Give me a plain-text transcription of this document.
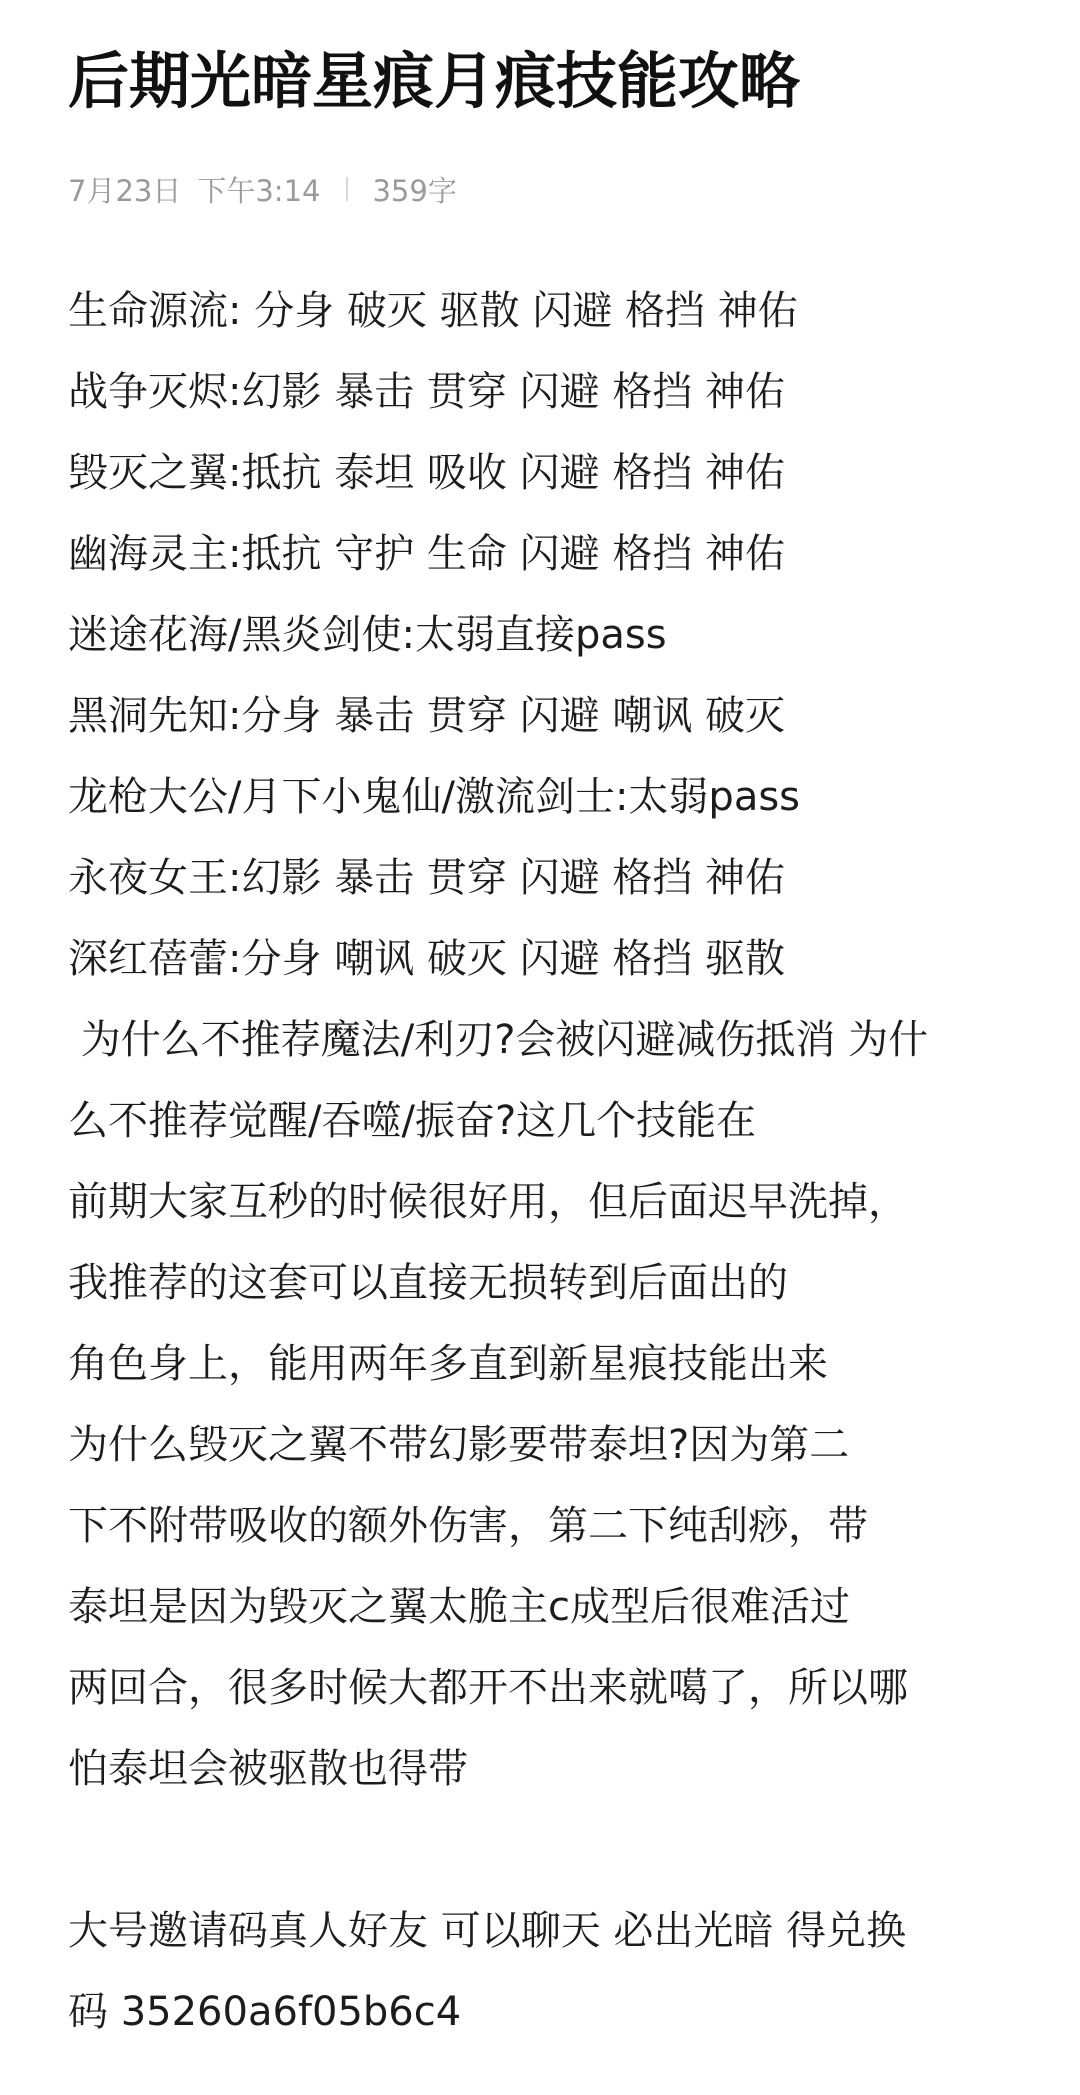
后期光暗星痕月痕技能攻略
7月23日 下午3:14 359字
生命源流: 分身 破灭 驱散 闪避 格挡 神佑
战争灭烬:幻影 暴击 贯穿 闪避 格挡 神佑
毁灭之翼:抵抗 泰坦 吸收 闪避 格挡 神佑
幽海灵主:抵抗 守护 生命 闪避 格挡 神佑
迷途花海/黑炎剑使:太弱直接pass
黑洞先知:分身 暴击 贯穿 闪避 嘲讽 破灭
龙枪大公/月下小鬼仙/激流剑士:太弱pass
永夜女王:幻影 暴击 贯穿 闪避 格挡 神佑
深红蓓蕾:分身 嘲讽 破灭 闪避 格挡 驱散
为什么不推荐魔法/利刃?会被闪避减伤抵消 为什
么不推荐觉醒/吞噬/振奋?这几个技能在
前期大家互秒的时候很好用，但后面迟早洗掉，
我推荐的这套可以直接无损转到后面出的
角色身上，能用两年多直到新星痕技能出来
为什么毁灭之翼不带幻影要带泰坦?因为第二
下不附带吸收的额外伤害，第二下纯刮痧，带
泰坦是因为毁灭之翼太脆主c成型后很难活过
两回合，很多时候大都开不出来就噶了，所以哪
怕泰坦会被驱散也得带
大号邀请码真人好友 可以聊天 必出光暗 得兑换
码 35260a6f05b6c4
